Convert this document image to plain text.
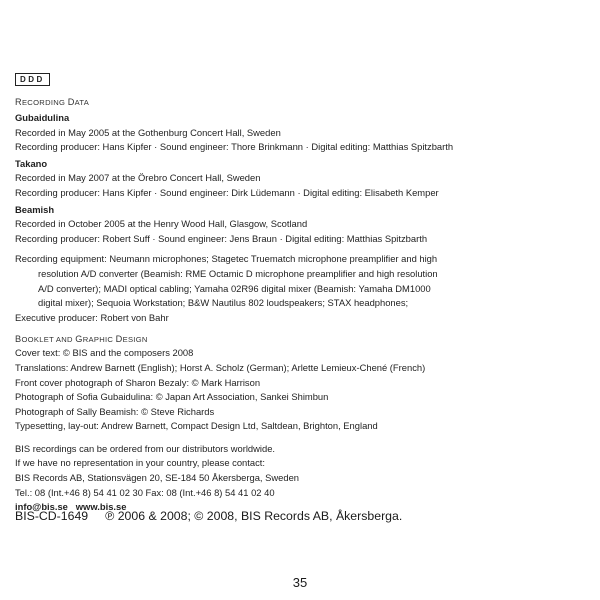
DDD
RECORDING DATA
Gubaidulina
Recorded in May 2005 at the Gothenburg Concert Hall, Sweden
Recording producer: Hans Kipfer · Sound engineer: Thore Brinkmann · Digital editing: Matthias Spitzbarth
Takano
Recorded in May 2007 at the Örebro Concert Hall, Sweden
Recording producer: Hans Kipfer · Sound engineer: Dirk Lüdemann · Digital editing: Elisabeth Kemper
Beamish
Recorded in October 2005 at the Henry Wood Hall, Glasgow, Scotland
Recording producer: Robert Suff · Sound engineer: Jens Braun · Digital editing: Matthias Spitzbarth
Recording equipment: Neumann microphones; Stagetec Truematch microphone preamplifier and high
resolution A/D converter (Beamish: RME Octamic D microphone preamplifier and high resolution
A/D converter); MADI optical cabling; Yamaha 02R96 digital mixer (Beamish: Yamaha DM1000
digital mixer); Sequoia Workstation; B&W Nautilus 802 loudspeakers; STAX headphones;
Executive producer: Robert von Bahr
BOOKLET AND GRAPHIC DESIGN
Cover text: © BIS and the composers 2008
Translations: Andrew Barnett (English); Horst A. Scholz (German); Arlette Lemieux-Chené (French)
Front cover photograph of Sharon Bezaly: © Mark Harrison
Photograph of Sofia Gubaidulina: © Japan Art Association, Sankei Shimbun
Photograph of Sally Beamish: © Steve Richards
Typesetting, lay-out: Andrew Barnett, Compact Design Ltd, Saltdean, Brighton, England
BIS recordings can be ordered from our distributors worldwide.
If we have no representation in your country, please contact:
BIS Records AB, Stationsvägen 20, SE-184 50 Åkersberga, Sweden
Tel.: 08 (Int.+46 8) 54 41 02 30 Fax: 08 (Int.+46 8) 54 41 02 40
info@bis.se www.bis.se
BIS-CD-1649 ℗ 2006 & 2008; © 2008, BIS Records AB, Åkersberga.
35
